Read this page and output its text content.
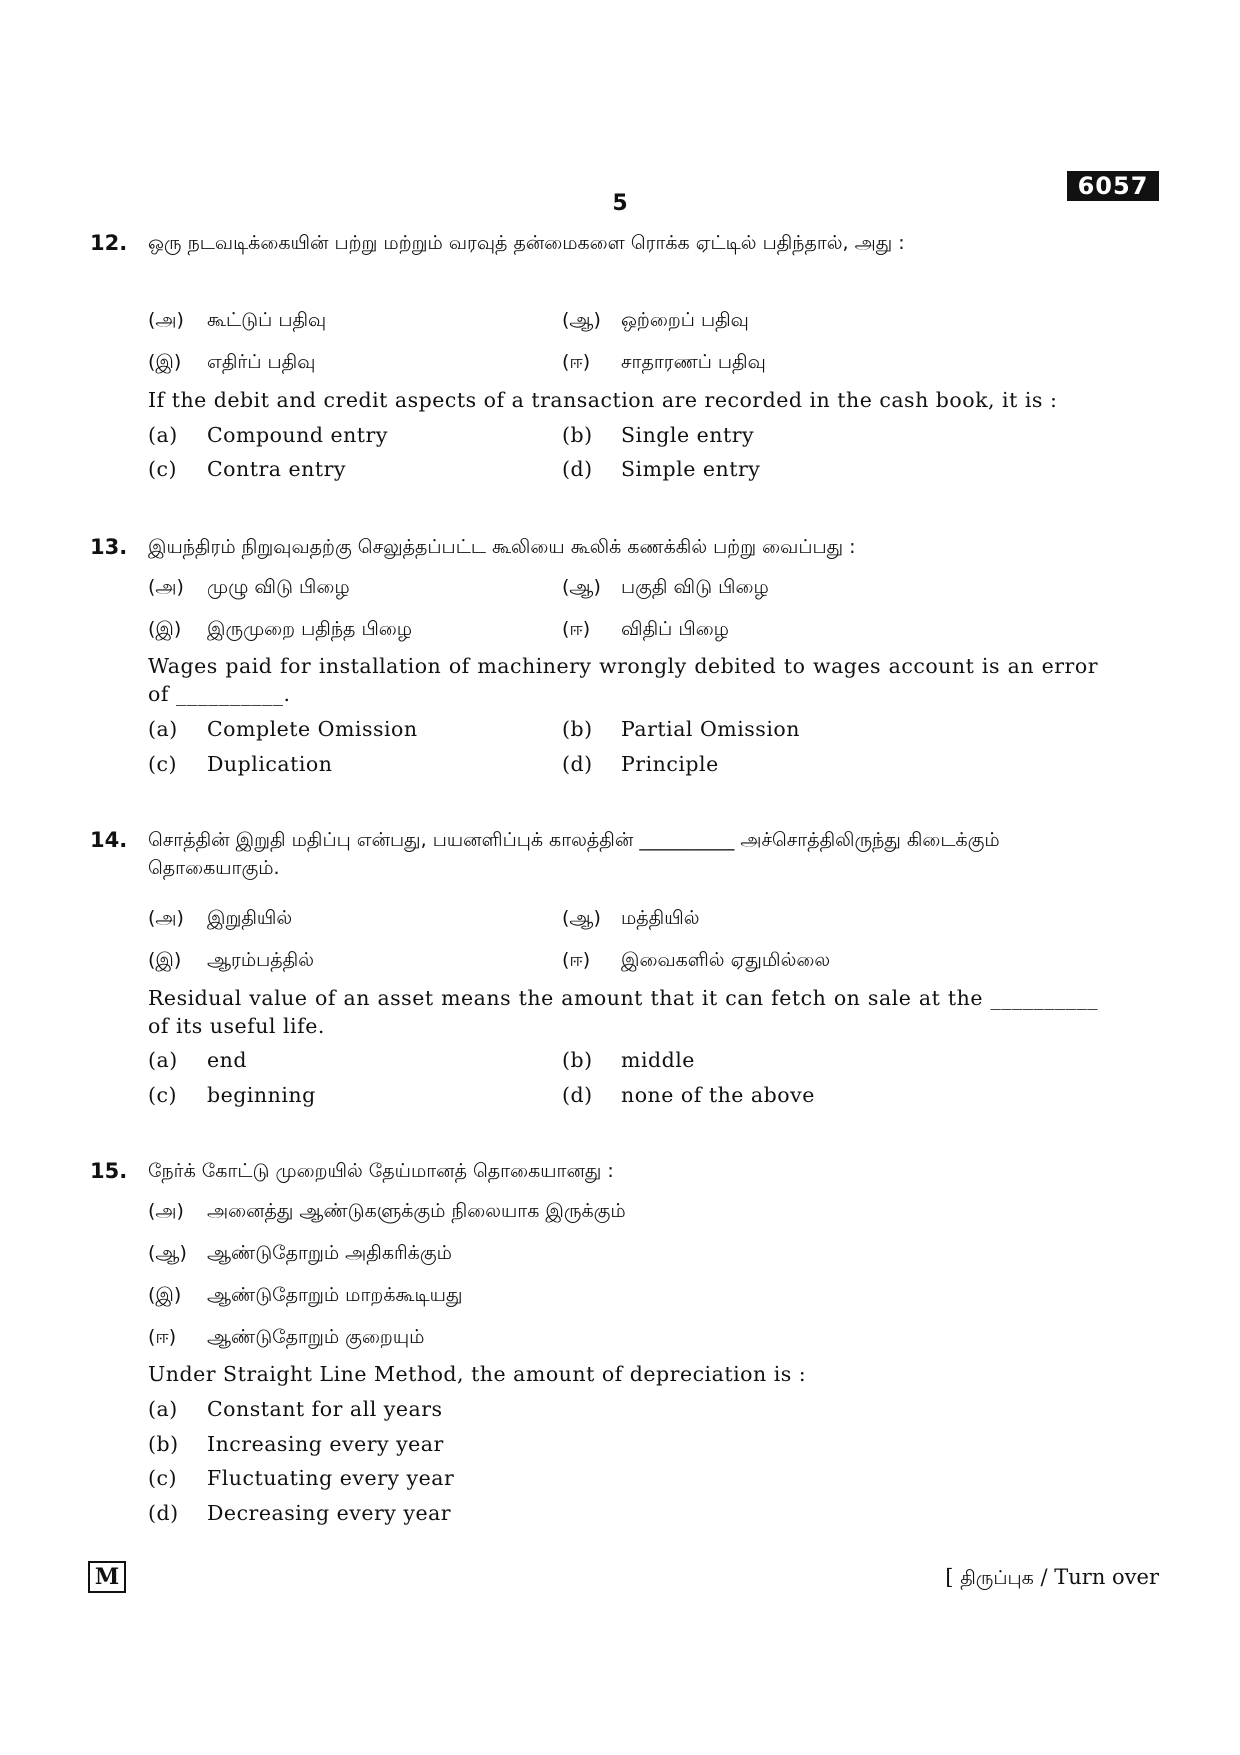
5
6057
12. ஒரு நடவடிக்கையின் பற்று மற்றும் வரவுத் தன்மைகளை ரொக்க ஏட்டில் பதிந்தால், அது :
(அ) கூட்டுப் பதிவு	(ஆ) ஒற்றைப் பதிவு
(இ) எதிர்ப் பதிவு	(ஈ) சாதாரணப் பதிவு
If the debit and credit aspects of a transaction are recorded in the cash book, it is :
(a) Compound entry	(b) Single entry
(c) Contra entry	(d) Simple entry
13. இயந்திரம் நிறுவுவதற்கு செலுத்தப்பட்ட கூலியை கூலிக் கணக்கில் பற்று வைப்பது :
(அ) முழு விடு பிழை	(ஆ) பகுதி விடு பிழை
(இ) இருமுறை பதிந்த பிழை	(ஈ) விதிப் பிழை
Wages paid for installation of machinery wrongly debited to wages account is an error of __________.
(a) Complete Omission	(b) Partial Omission
(c) Duplication	(d) Principle
14. சொத்தின் இறுதி மதிப்பு என்பது, பயனளிப்புக் காலத்தின் __________ அச்சொத்திலிருந்து கிடைக்கும் தொகையாகும்.
(அ) இறுதியில்	(ஆ) மத்தியில்
(இ) ஆரம்பத்தில்	(ஈ) இவைகளில் ஏதுமில்லை
Residual value of an asset means the amount that it can fetch on sale at the __________ of its useful life.
(a) end	(b) middle
(c) beginning	(d) none of the above
15. நேர்க் கோட்டு முறையில் தேய்மானத் தொகையானது :
(அ) அனைத்து ஆண்டுகளுக்கும் நிலையாக இருக்கும்
(ஆ) ஆண்டுதோறும் அதிகரிக்கும்
(இ) ஆண்டுதோறும் மாறக்கூடியது
(ஈ) ஆண்டுதோறும் குறையும்
Under Straight Line Method, the amount of depreciation is :
(a) Constant for all years
(b) Increasing every year
(c) Fluctuating every year
(d) Decreasing every year
M	[ திருப்புக / Turn over
